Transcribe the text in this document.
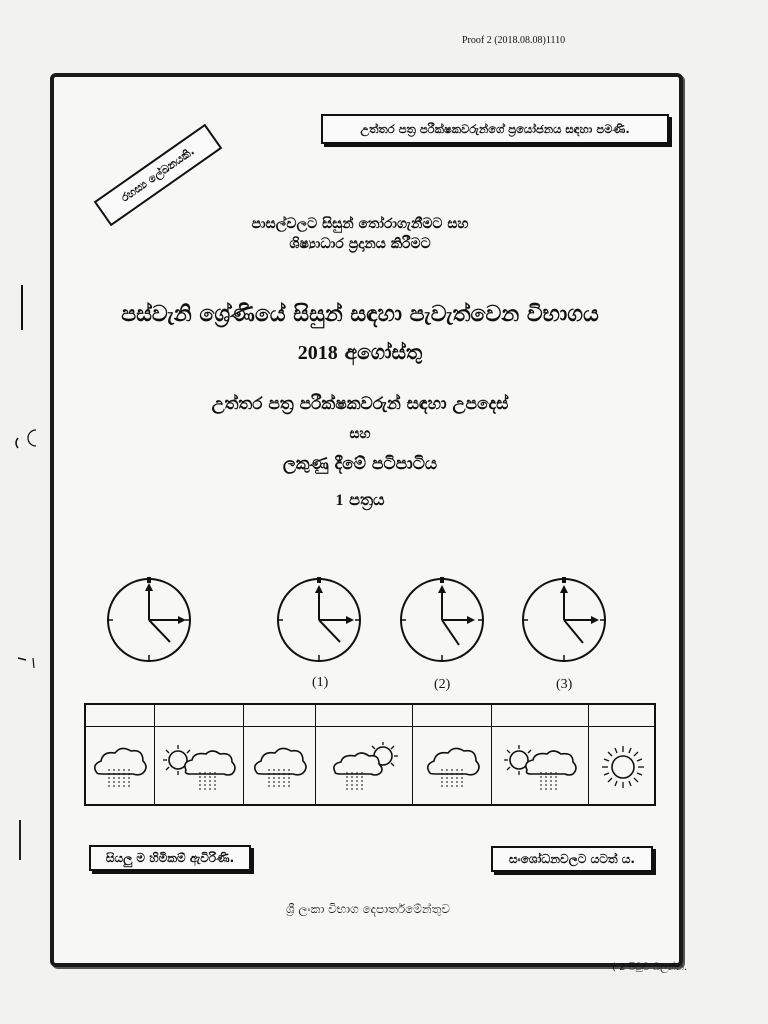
Proof 2 (2018.08.08)1110
උත්තර පත්‍ර පරීක්ෂකවරුන්ගේ ප්‍රයෝජනය සඳහා පමණි.
රහස්‍ය ලේඛනයකි.
පාසල්වලට සිසුන් තෝරාගැනීමට සහ
ශිෂ්‍යාධාර ප්‍රදානය කිරීමට
පස්වැනි ශ්‍රේණියේ සිසුන් සඳහා පැවැත්වෙන විභාගය
2018 අගෝස්තු
උත්තර පත්‍ර පරීක්ෂකවරුන් සඳහා උපදෙස්
සහ
ලකුණු දීමේ පටිපාටිය
1 පත්‍රය
(1)	(2)	(3)
සියලු ම හිමිකම් ඇවිරිණි.	සංශෝධනවලට යටත් ය.
ශ්‍රී ලංකා විභාග දෙපාර්තමේන්තුව
( 2 පිටුව බලන්න.
